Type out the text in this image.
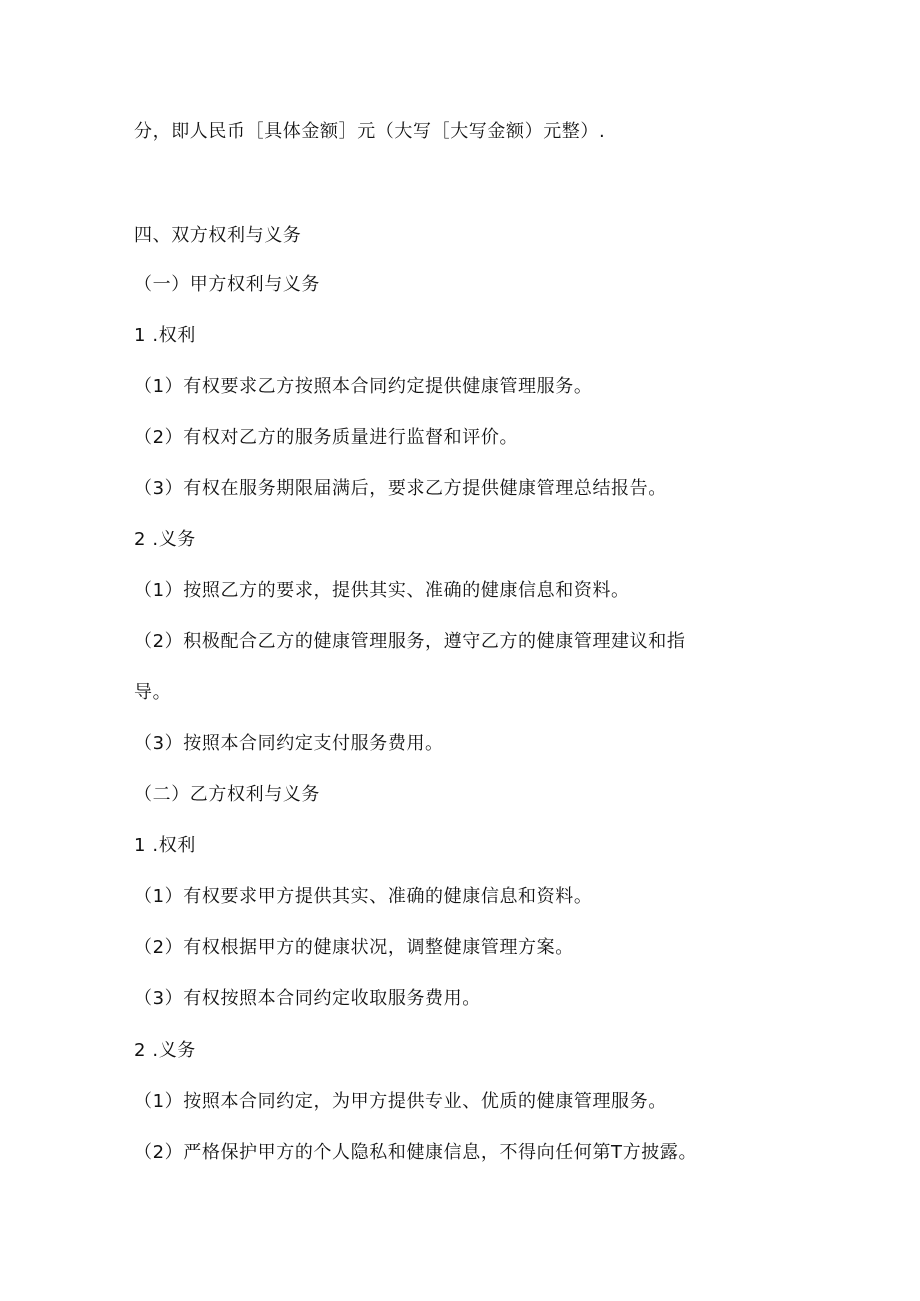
分，即人民币［具体金额］元（大写［大写金额）元整）.
四、双方权利与义务
（一）甲方权利与义务
1 .权利
（1）有权要求乙方按照本合同约定提供健康管理服务。
（2）有权对乙方的服务质量进行监督和评价。
（3）有权在服务期限届满后，要求乙方提供健康管理总结报告。
2 .义务
（1）按照乙方的要求，提供其实、准确的健康信息和资料。
（2）积极配合乙方的健康管理服务，遵守乙方的健康管理建议和指
导。
（3）按照本合同约定支付服务费用。
（二）乙方权利与义务
1 .权利
（1）有权要求甲方提供其实、准确的健康信息和资料。
（2）有权根据甲方的健康状况，调整健康管理方案。
（3）有权按照本合同约定收取服务费用。
2 .义务
（1）按照本合同约定，为甲方提供专业、优质的健康管理服务。
（2）严格保护甲方的个人隐私和健康信息，不得向任何第T方披露。
